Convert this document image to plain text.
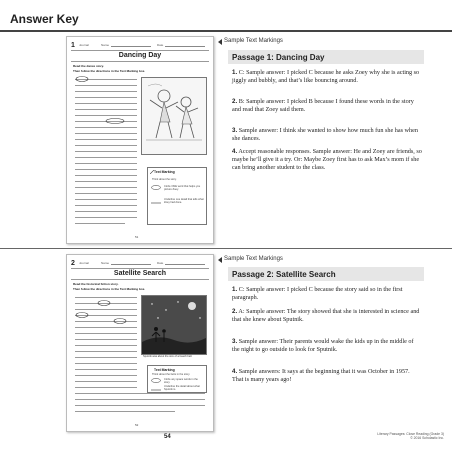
Answer Key
1 Journal	Name	Date
Dancing Day
Read the dance story.
Then follow the directions in the Text Marking box.
Text Marking
Think about the story.
Circle ONE word that helps you picture Zoey.
Underline one detail that tells what Zoey had done.
51
Sample Text Markings
Passage 1: Dancing Day
1. C: Sample answer: I picked C because he asks Zoey why she is acting so jiggly and bubbly, and that’s like bouncing around.
2. B: Sample answer: I picked B because I found these words in the story and read that Zoey said them.
3. Sample answer: I think she wanted to show how much fun she has when she dances.
4. Accept reasonable responses. Sample answer: He and Zoey are friends, so maybe he’ll give it a try. Or: Maybe Zoey first has to ask Max’s mom if she can bring another student to the class.
2 Journal	Name	Date
Satellite Search
Read the historical fiction story.
Then follow the directions in the Text Marking box.
Sputnik was about the size of a beach ball.
Text Marking
Think about the facts in the story.
Circle any space words in the story.
Underline the detail about what Sputnik is.
52
Sample Text Markings
Passage 2: Satellite Search
1. C: Sample answer: I picked C because the story said so in the first paragraph.
2. A: Sample answer: The story showed that she is interested in science and that she knew about Sputnik.
3. Sample answer: Their parents would wake the kids up in the middle of the night to go outside to look for Sputnik.
4. Sample answers: It says at the beginning that it was October in 1957. That is many years ago!
54	Literary Passages: Close Reading (Grade 3)
© 2016 Scholastic Inc.
